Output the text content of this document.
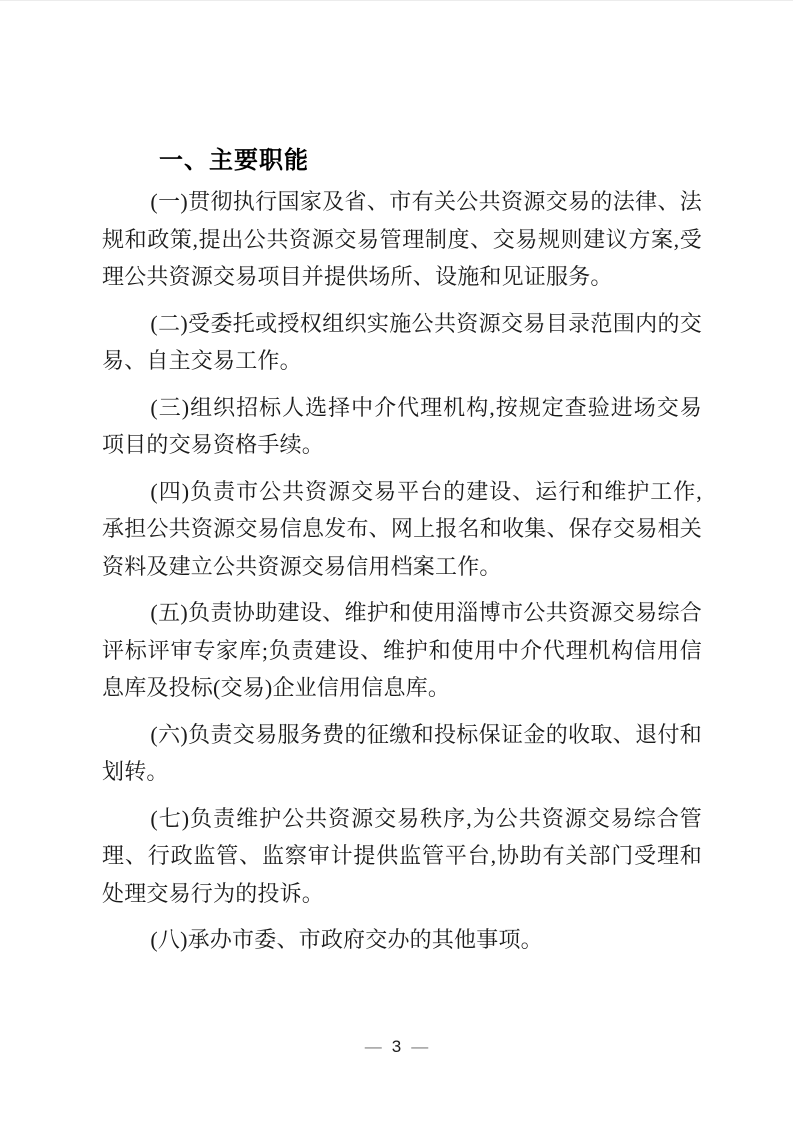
一、主要职能

(一)贯彻执行国家及省、市有关公共资源交易的法律、法规和政策,提出公共资源交易管理制度、交易规则建议方案,受理公共资源交易项目并提供场所、设施和见证服务。

(二)受委托或授权组织实施公共资源交易目录范围内的交易、自主交易工作。

(三)组织招标人选择中介代理机构,按规定查验进场交易项目的交易资格手续。

(四)负责市公共资源交易平台的建设、运行和维护工作,承担公共资源交易信息发布、网上报名和收集、保存交易相关资料及建立公共资源交易信用档案工作。

(五)负责协助建设、维护和使用淄博市公共资源交易综合评标评审专家库;负责建设、维护和使用中介代理机构信用信息库及投标(交易)企业信用信息库。

(六)负责交易服务费的征缴和投标保证金的收取、退付和划转。

(七)负责维护公共资源交易秩序,为公共资源交易综合管理、行政监管、监察审计提供监管平台,协助有关部门受理和处理交易行为的投诉。

(八)承办市委、市政府交办的其他事项。

— 3 —
